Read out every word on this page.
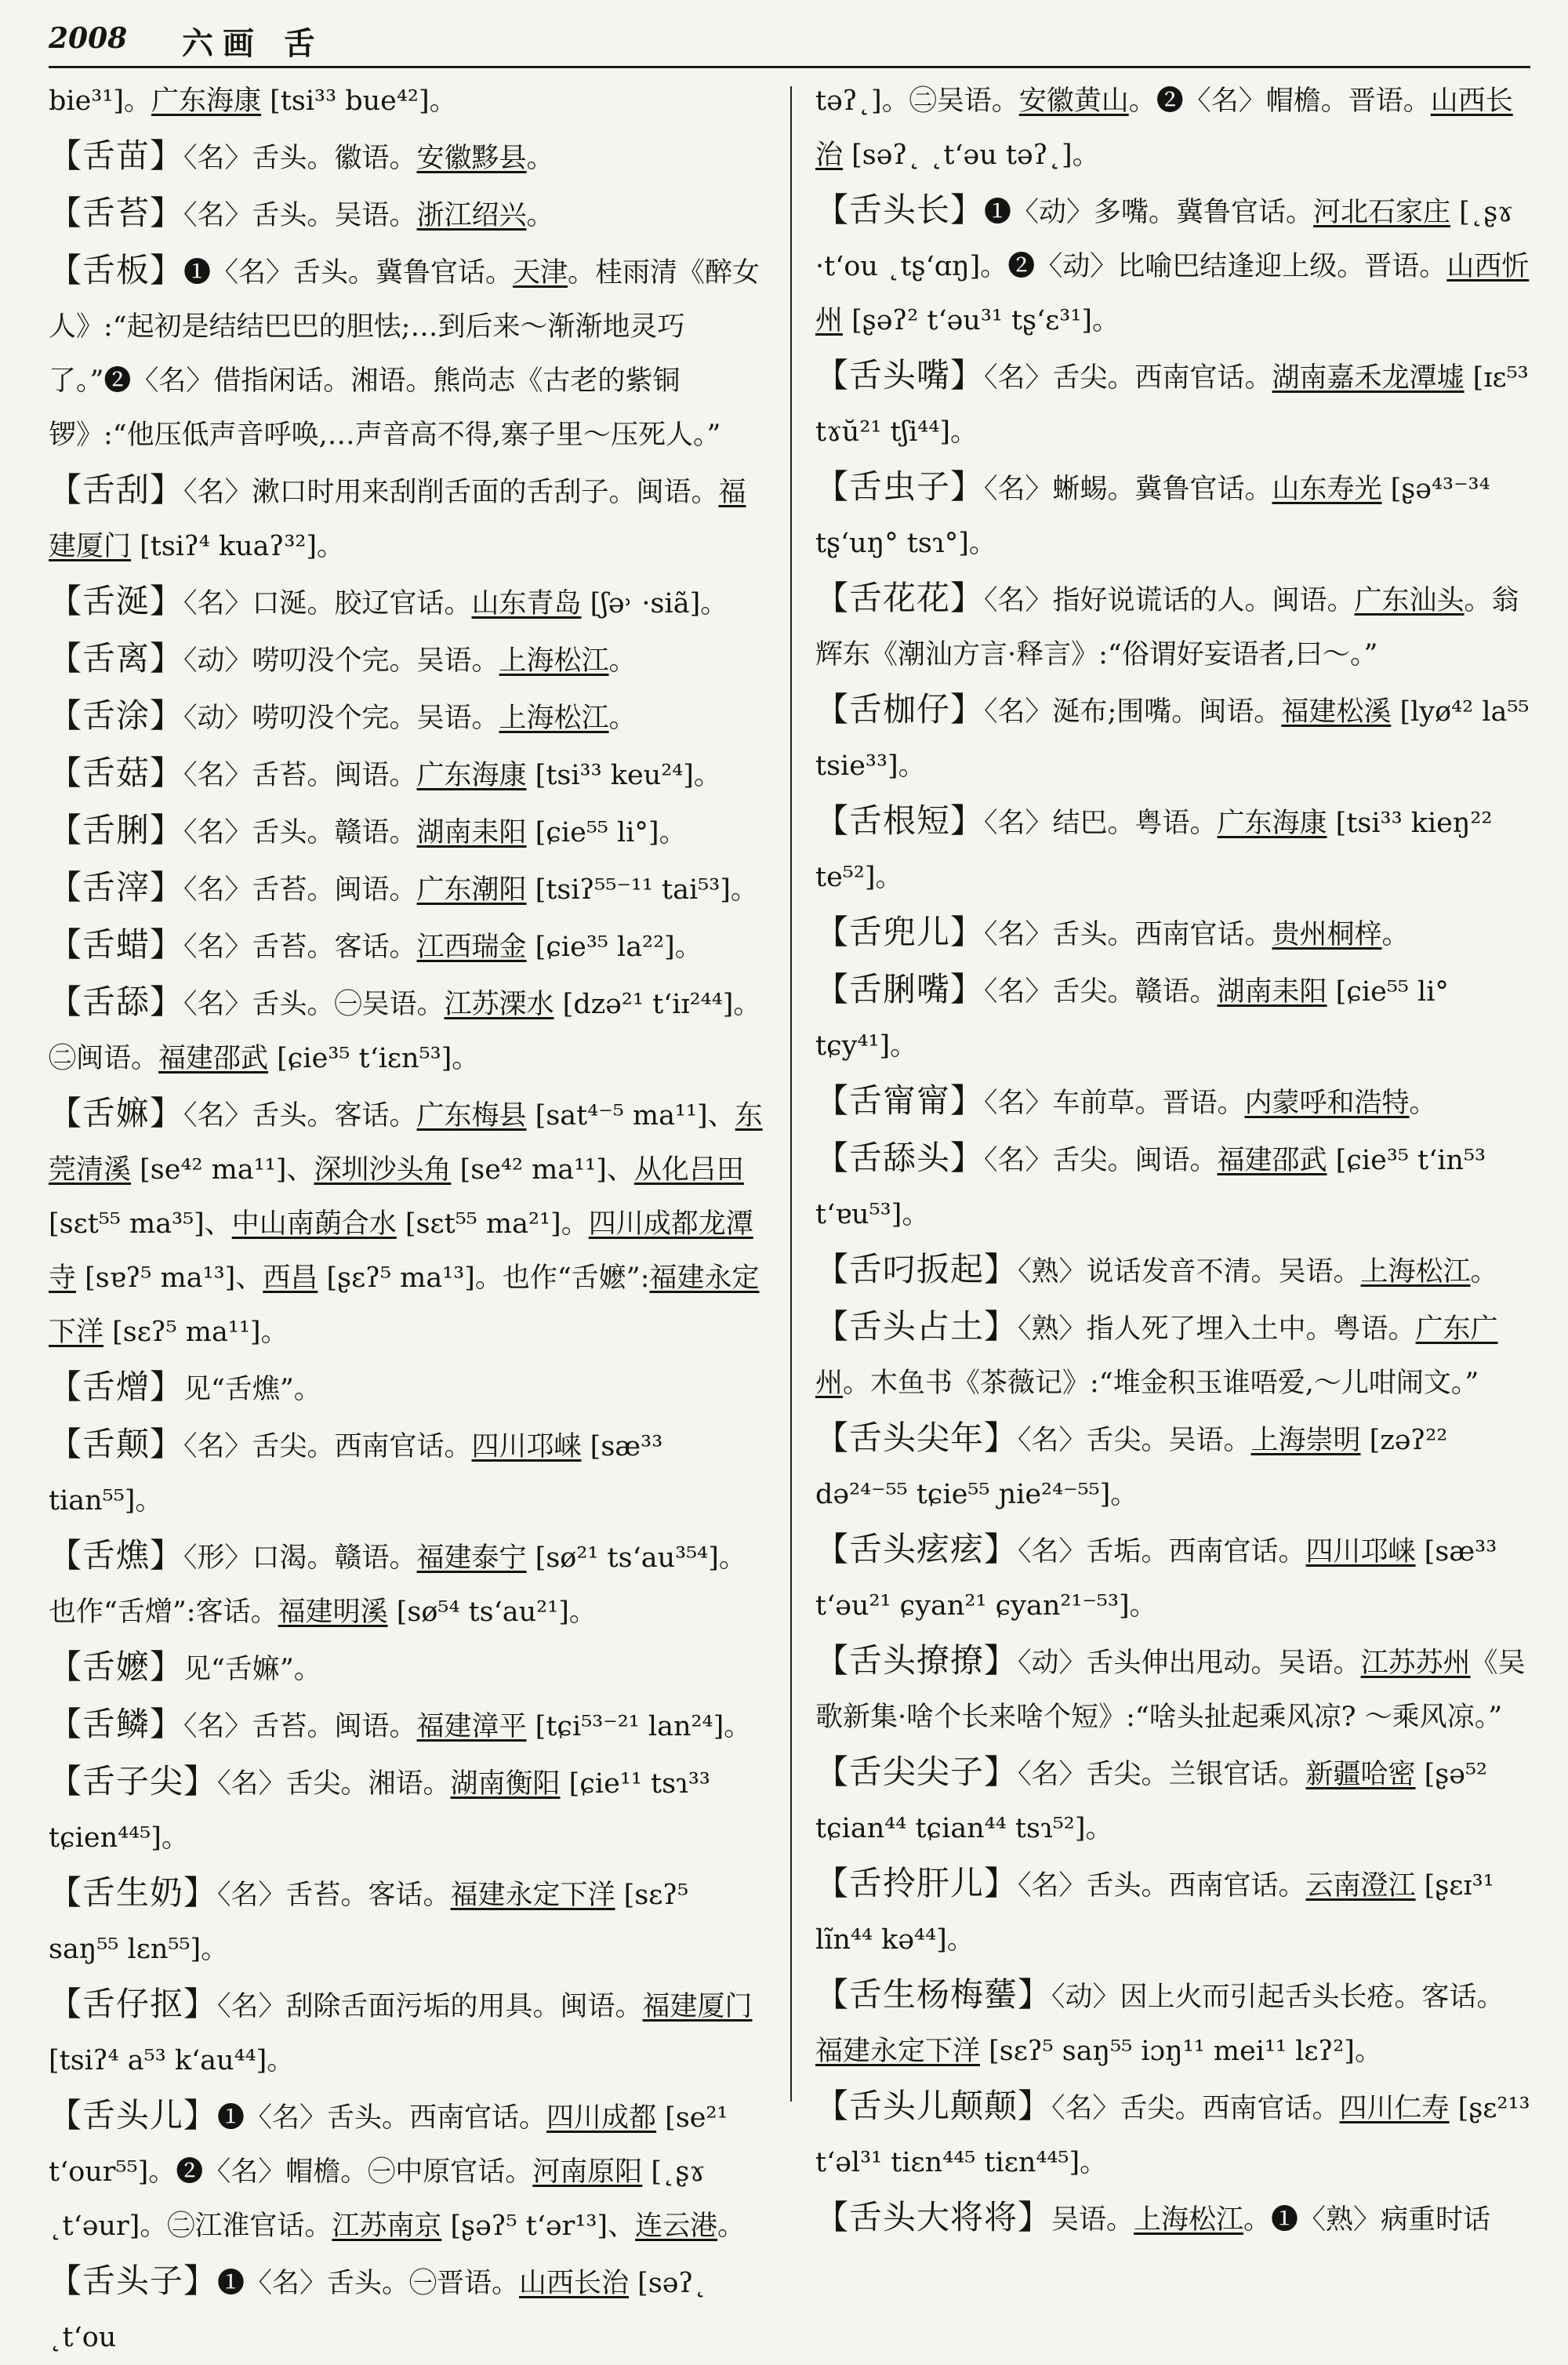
2008 六画 舌
bie³¹]。广东海康 [tsi³³ bue⁴²]。
【舌苗】〈名〉舌头。徽语。安徽黟县。
【舌苔】〈名〉舌头。吴语。浙江绍兴。
【舌板】❶〈名〉舌头。冀鲁官话。天津。桂雨清《醉女人》:“起初是结结巴巴的胆怯;…到后来～渐渐地灵巧了。”❷〈名〉借指闲话。湘语。熊尚志《古老的紫铜锣》:“他压低声音呼唤,…声音高不得,寨子里～压死人。”
【舌刮】〈名〉漱口时用来刮削舌面的舌刮子。闽语。福建厦门 [tsiʔ⁴ kuaʔ³²]。
【舌涎】〈名〉口涎。胶辽官话。山东青岛 [ʃə˒ ·siã]。
【舌离】〈动〉唠叨没个完。吴语。上海松江。
【舌涂】〈动〉唠叨没个完。吴语。上海松江。
【舌菇】〈名〉舌苔。闽语。广东海康 [tsi³³ keu²⁴]。
【舌脷】〈名〉舌头。赣语。湖南耒阳 [ɕie⁵⁵ li°]。
【舌滓】〈名〉舌苔。闽语。广东潮阳 [tsiʔ⁵⁵⁻¹¹ tai⁵³]。
【舌蜡】〈名〉舌苔。客话。江西瑞金 [ɕie³⁵ la²²]。
【舌舔】〈名〉舌头。㊀吴语。江苏溧水 [dzə²¹ tʻiɪ²⁴⁴]。㊁闽语。福建邵武 [ɕie³⁵ tʻiɛn⁵³]。
【舌嫲】〈名〉舌头。客话。广东梅县 [sat⁴⁻⁵ ma¹¹]、东莞清溪 [se⁴² ma¹¹]、深圳沙头角 [se⁴² ma¹¹]、从化吕田 [sɛt⁵⁵ ma³⁵]、中山南蓢合水 [sɛt⁵⁵ ma²¹]。四川成都龙潭寺 [sɐʔ⁵ ma¹³]、西昌 [ʂɛʔ⁵ ma¹³]。也作“舌嬷”:福建永定下洋 [sɛʔ⁵ ma¹¹]。
【舌熷】见“舌燋”。
【舌颠】〈名〉舌尖。西南官话。四川邛崃 [sæ³³ tian⁵⁵]。
【舌燋】〈形〉口渴。赣语。福建泰宁 [sø²¹ tsʻau³⁵⁴]。也作“舌熷”:客话。福建明溪 [sø⁵⁴ tsʻau²¹]。
【舌嬷】见“舌嫲”。
【舌鳞】〈名〉舌苔。闽语。福建漳平 [tɕi⁵³⁻²¹ lan²⁴]。
【舌子尖】〈名〉舌尖。湘语。湖南衡阳 [ɕie¹¹ tsɿ³³ tɕien⁴⁴⁵]。
【舌生奶】〈名〉舌苔。客话。福建永定下洋 [sɛʔ⁵ saŋ⁵⁵ lɛn⁵⁵]。
【舌仔抠】〈名〉刮除舌面污垢的用具。闽语。福建厦门 [tsiʔ⁴ a⁵³ kʻau⁴⁴]。
【舌头儿】❶〈名〉舌头。西南官话。四川成都 [se²¹ tʻour⁵⁵]。❷〈名〉帽檐。㊀中原官话。河南原阳 [˛ʂɤ ˛tʻəur]。㊁江淮官话。江苏南京 [ʂəʔ⁵ tʻər¹³]、连云港。
【舌头子】❶〈名〉舌头。㊀晋语。山西长治 [səʔ˛ ˛tʻou
təʔ˛]。㊁吴语。安徽黄山。❷〈名〉帽檐。晋语。山西长治 [səʔ˛ ˛tʻəu təʔ˛]。
【舌头长】❶〈动〉多嘴。冀鲁官话。河北石家庄 [˛ʂɤ ·tʻou ˛tʂʻɑŋ]。❷〈动〉比喻巴结逢迎上级。晋语。山西忻州 [ʂəʔ² tʻəu³¹ tʂʻɛ³¹]。
【舌头嘴】〈名〉舌尖。西南官话。湖南嘉禾龙潭墟 [ɪɛ⁵³ tɤŭ²¹ tʃi⁴⁴]。
【舌虫子】〈名〉蜥蜴。冀鲁官话。山东寿光 [ʂə⁴³⁻³⁴ tʂʻuŋ° tsɿ°]。
【舌花花】〈名〉指好说谎话的人。闽语。广东汕头。翁辉东《潮汕方言·释言》:“俗谓好妄语者,曰～。”
【舌枷仔】〈名〉涎布;围嘴。闽语。福建松溪 [lyø⁴² la⁵⁵ tsie³³]。
【舌根短】〈名〉结巴。粤语。广东海康 [tsi³³ kieŋ²² te⁵²]。
【舌兜儿】〈名〉舌头。西南官话。贵州桐梓。
【舌脷嘴】〈名〉舌尖。赣语。湖南耒阳 [ɕie⁵⁵ li° tɕy⁴¹]。
【舌甯甯】〈名〉车前草。晋语。内蒙呼和浩特。
【舌舔头】〈名〉舌尖。闽语。福建邵武 [ɕie³⁵ tʻin⁵³ tʻɐu⁵³]。
【舌叼扳起】〈熟〉说话发音不清。吴语。上海松江。
【舌头占土】〈熟〉指人死了埋入土中。粤语。广东广州。木鱼书《茶薇记》:“堆金积玉谁唔爱,～儿咁闹文。”
【舌头尖年】〈名〉舌尖。吴语。上海崇明 [zəʔ²² də²⁴⁻⁵⁵ tɕie⁵⁵ ɲie²⁴⁻⁵⁵]。
【舌头痃痃】〈名〉舌垢。西南官话。四川邛崃 [sæ³³ tʻəu²¹ ɕyan²¹ ɕyan²¹⁻⁵³]。
【舌头撩撩】〈动〉舌头伸出甩动。吴语。江苏苏州《吴歌新集·啥个长来啥个短》:“啥头扯起乘风凉? ～乘风凉。”
【舌尖尖子】〈名〉舌尖。兰银官话。新疆哈密 [ʂə⁵² tɕian⁴⁴ tɕian⁴⁴ tsɿ⁵²]。
【舌拎肝儿】〈名〉舌头。西南官话。云南澄江 [ʂɛɪ³¹ lĩn⁴⁴ kə⁴⁴]。
【舌生杨梅𦿸】〈动〉因上火而引起舌头长疮。客话。福建永定下洋 [sɛʔ⁵ saŋ⁵⁵ iɔŋ¹¹ mei¹¹ lɛʔ²]。
【舌头儿颠颠】〈名〉舌尖。西南官话。四川仁寿 [ʂɛ²¹³ tʻəl³¹ tiɛn⁴⁴⁵ tiɛn⁴⁴⁵]。
【舌头大将将】吴语。上海松江。❶〈熟〉病重时话
